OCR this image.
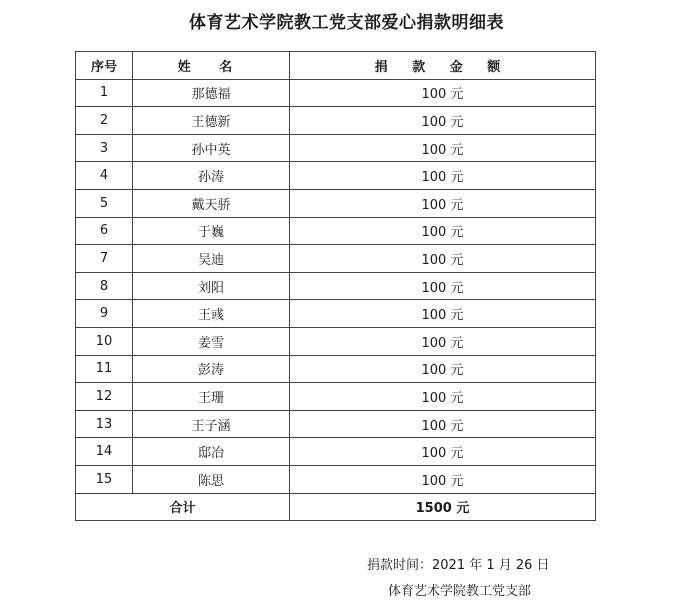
体育艺术学院教工党支部爱心捐款明细表
序号	姓 名	捐 款 金 额
1	那德福	100 元
2	王德新	100 元
3	孙中英	100 元
4	孙涛	100 元
5	戴天骄	100 元
6	于巍	100 元
7	吴迪	100 元
8	刘阳	100 元
9	王彧	100 元
10	姜雪	100 元
11	彭涛	100 元
12	王珊	100 元
13	王子涵	100 元
14	邸冶	100 元
15	陈思	100 元
合计		1500 元
捐款时间：2021 年 1 月 26 日
体育艺术学院教工党支部
